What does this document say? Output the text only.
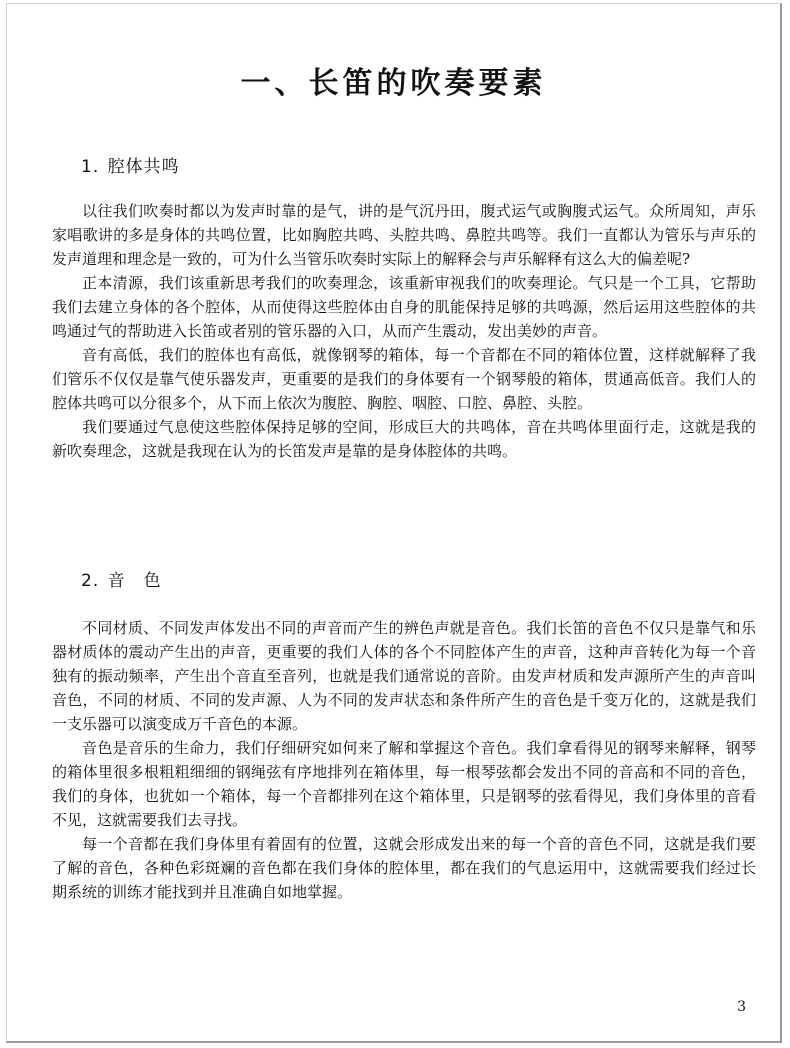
一、长笛的吹奏要素
1. 腔体共鸣

以往我们吹奏时都以为发声时靠的是气，讲的是气沉丹田，腹式运气或胸腹式运气。众所周知，声乐家唱歌讲的多是身体的共鸣位置，比如胸腔共鸣、头腔共鸣、鼻腔共鸣等。我们一直都认为管乐与声乐的发声道理和理念是一致的，可为什么当管乐吹奏时实际上的解释会与声乐解释有这么大的偏差呢?

正本清源，我们该重新思考我们的吹奏理念，该重新审视我们的吹奏理论。气只是一个工具，它帮助我们去建立身体的各个腔体，从而使得这些腔体由自身的肌能保持足够的共鸣源，然后运用这些腔体的共鸣通过气的帮助进入长笛或者别的管乐器的入口，从而产生震动，发出美妙的声音。

音有高低，我们的腔体也有高低，就像钢琴的箱体，每一个音都在不同的箱体位置，这样就解释了我们管乐不仅仅是靠气使乐器发声，更重要的是我们的身体要有一个钢琴般的箱体，贯通高低音。我们人的腔体共鸣可以分很多个，从下而上依次为腹腔、胸腔、咽腔、口腔、鼻腔、头腔。

我们要通过气息使这些腔体保持足够的空间，形成巨大的共鸣体，音在共鸣体里面行走，这就是我的新吹奏理念，这就是我现在认为的长笛发声是靠的是身体腔体的共鸣。

2. 音　色

不同材质、不同发声体发出不同的声音而产生的辨色声就是音色。我们长笛的音色不仅只是靠气和乐器材质体的震动产生出的声音，更重要的我们人体的各个不同腔体产生的声音，这种声音转化为每一个音独有的振动频率，产生出个音直至音列，也就是我们通常说的音阶。由发声材质和发声源所产生的声音叫音色，不同的材质、不同的发声源、人为不同的发声状态和条件所产生的音色是千变万化的，这就是我们一支乐器可以演变成万千音色的本源。

音色是音乐的生命力，我们仔细研究如何来了解和掌握这个音色。我们拿看得见的钢琴来解释，钢琴的箱体里很多根粗粗细细的钢绳弦有序地排列在箱体里，每一根琴弦都会发出不同的音高和不同的音色，我们的身体，也犹如一个箱体，每一个音都排列在这个箱体里，只是钢琴的弦看得见，我们身体里的音看不见，这就需要我们去寻找。

每一个音都在我们身体里有着固有的位置，这就会形成发出来的每一个音的音色不同，这就是我们要了解的音色，各种色彩斑斓的音色都在我们身体的腔体里，都在我们的气息运用中，这就需要我们经过长期系统的训练才能找到并且准确自如地掌握。

3
